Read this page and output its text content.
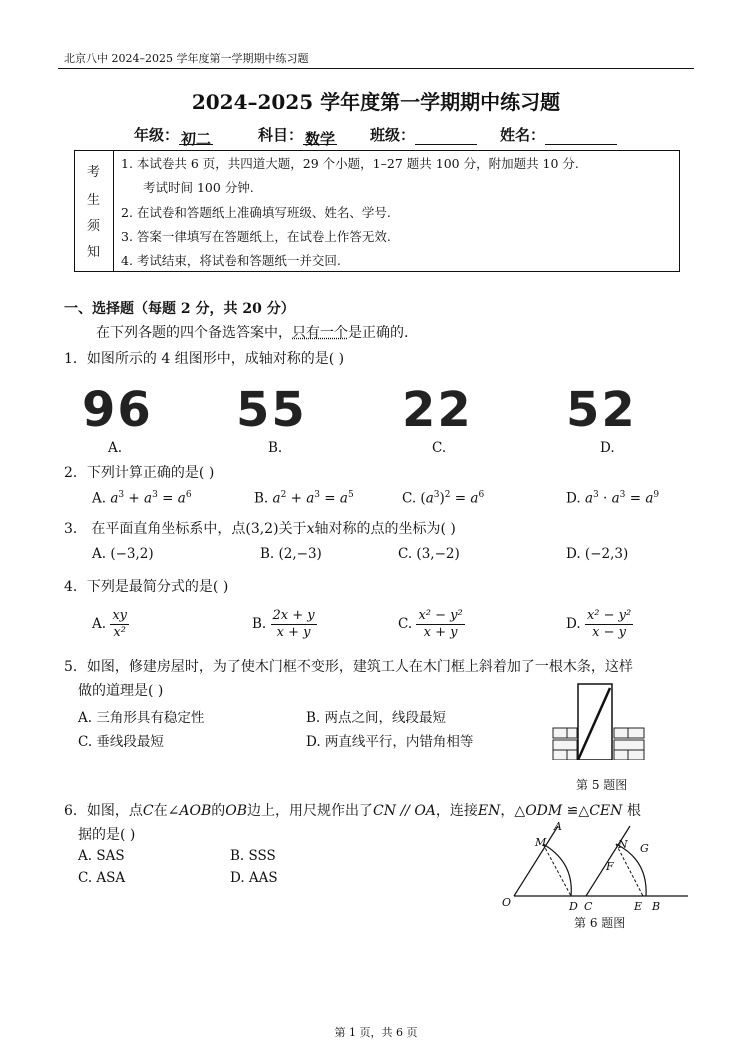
北京八中 2024–2025 学年度第一学期期中练习题
2024–2025 学年度第一学期期中练习题
年级： 初二	科目： 数学 班级：	姓名：
考
生
须
知
1. 本试卷共 6 页，共四道大题，29 个小题，1–27 题共 100 分，附加题共 10 分.
考试时间 100 分钟.
2. 在试卷和答题纸上准确填写班级、姓名、学号.
3. 答案一律填写在答题纸上，在试卷上作答无效.
4. 考试结束，将试卷和答题纸一并交回.
一、选择题（每题 2 分，共 20 分）
在下列各题的四个备选答案中，只有一个是正确的.
1．如图所示的 4 组图形中，成轴对称的是( )
96 55 22 52
A.	B.	C.	D.
2．下列计算正确的是( )
A. $a^3 + a^3 = a^6$	B. $a^2 + a^3 = a^5$	C. $(a^3)^2 = a^6$	D. $a^3 \cdot a^3 = a^9$
3． 在平面直角坐标系中，点(3,2)关于x轴对称的点的坐标为( )
A. (−3,2)	B. (2,−3)	C. (3,−2)	D. (−2,3)
4．下列是最简分式的是( )
A. $\frac{xy}{\text{x²}}$	B. $\frac{2x + y}{x + y}$	C. $\frac{\text{x² − y²}}{x + y}$	D. $\frac{\text{x² − y²}}{x - y}$
5．如图，修建房屋时，为了使木门框不变形，建筑工人在木门框上斜着加了一根木条，这样
做的道理是( )
A. 三角形具有稳定性	B. 两点之间，线段最短
C. 垂线段最短	D. 两直线平行，内错角相等
第 5 题图
6．如图，点C在∠AOB的OB边上，用尺规作出了CN // OA，连接EN，△ODM ≌△CEN 根
据的是( )
A. SAS	B. SSS
C. ASA	D. AAS
A
M
O	D C	E B
N G
F
第 6 题图
第 1 页，共 6 页
